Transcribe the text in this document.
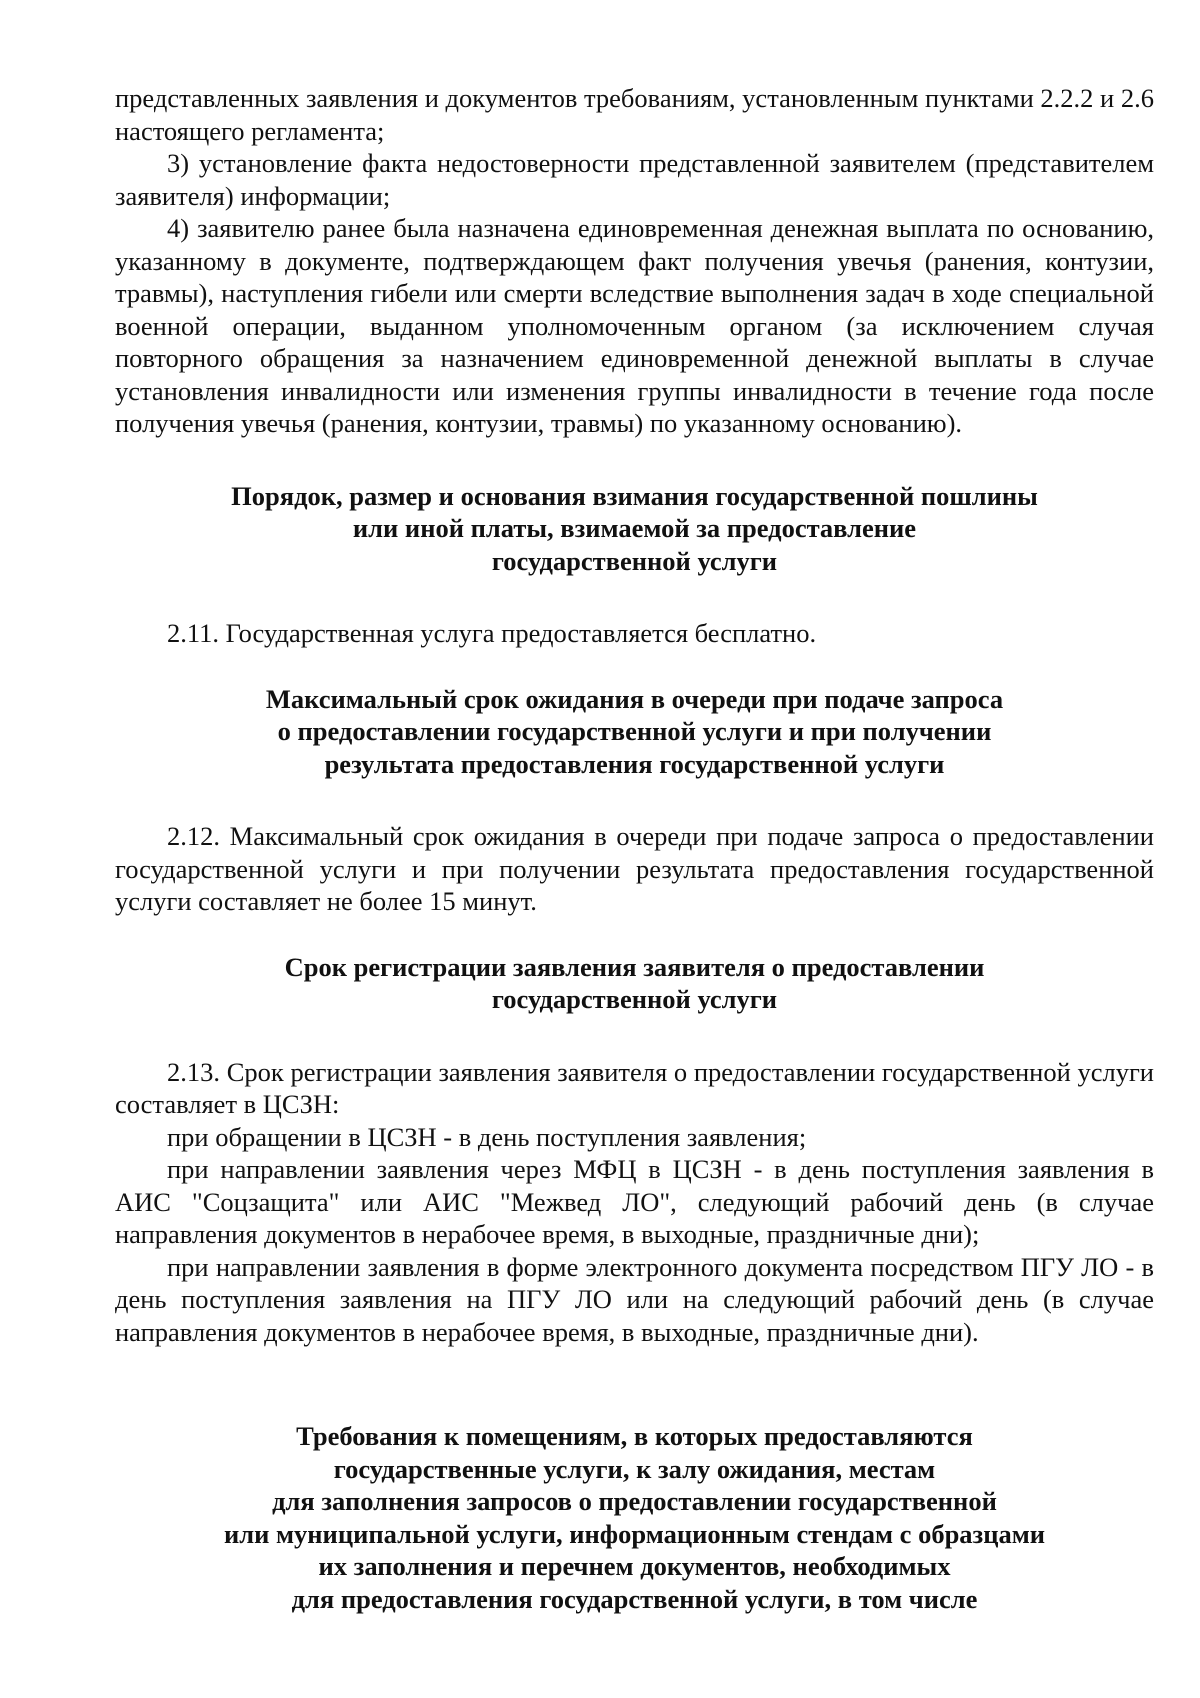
представленных заявления и документов требованиям, установленным пунктами 2.2.2 и 2.6 настоящего регламента;

3) установление факта недостоверности представленной заявителем (представителем заявителя) информации;

4) заявителю ранее была назначена единовременная денежная выплата по основанию, указанному в документе, подтверждающем факт получения увечья (ранения, контузии, травмы), наступления гибели или смерти вследствие выполнения задач в ходе специальной военной операции, выданном уполномоченным органом (за исключением случая повторного обращения за назначением единовременной денежной выплаты в случае установления инвалидности или изменения группы инвалидности в течение года после получения увечья (ранения, контузии, травмы) по указанному основанию).

Порядок, размер и основания взимания государственной пошлины
или иной платы, взимаемой за предоставление
государственной услуги

2.11. Государственная услуга предоставляется бесплатно.

Максимальный срок ожидания в очереди при подаче запроса
о предоставлении государственной услуги и при получении
результата предоставления государственной услуги

2.12. Максимальный срок ожидания в очереди при подаче запроса о предоставлении государственной услуги и при получении результата предоставления государственной услуги составляет не более 15 минут.

Срок регистрации заявления заявителя о предоставлении
государственной услуги

2.13. Срок регистрации заявления заявителя о предоставлении государственной услуги составляет в ЦСЗН:

при обращении в ЦСЗН - в день поступления заявления;

при направлении заявления через МФЦ в ЦСЗН - в день поступления заявления в АИС "Соцзащита" или АИС "Межвед ЛО", следующий рабочий день (в случае направления документов в нерабочее время, в выходные, праздничные дни);

при направлении заявления в форме электронного документа посредством ПГУ ЛО - в день поступления заявления на ПГУ ЛО или на следующий рабочий день (в случае направления документов в нерабочее время, в выходные, праздничные дни).

Требования к помещениям, в которых предоставляются
государственные услуги, к залу ожидания, местам
для заполнения запросов о предоставлении государственной
или муниципальной услуги, информационным стендам с образцами
их заполнения и перечнем документов, необходимых
для предоставления государственной услуги, в том числе
